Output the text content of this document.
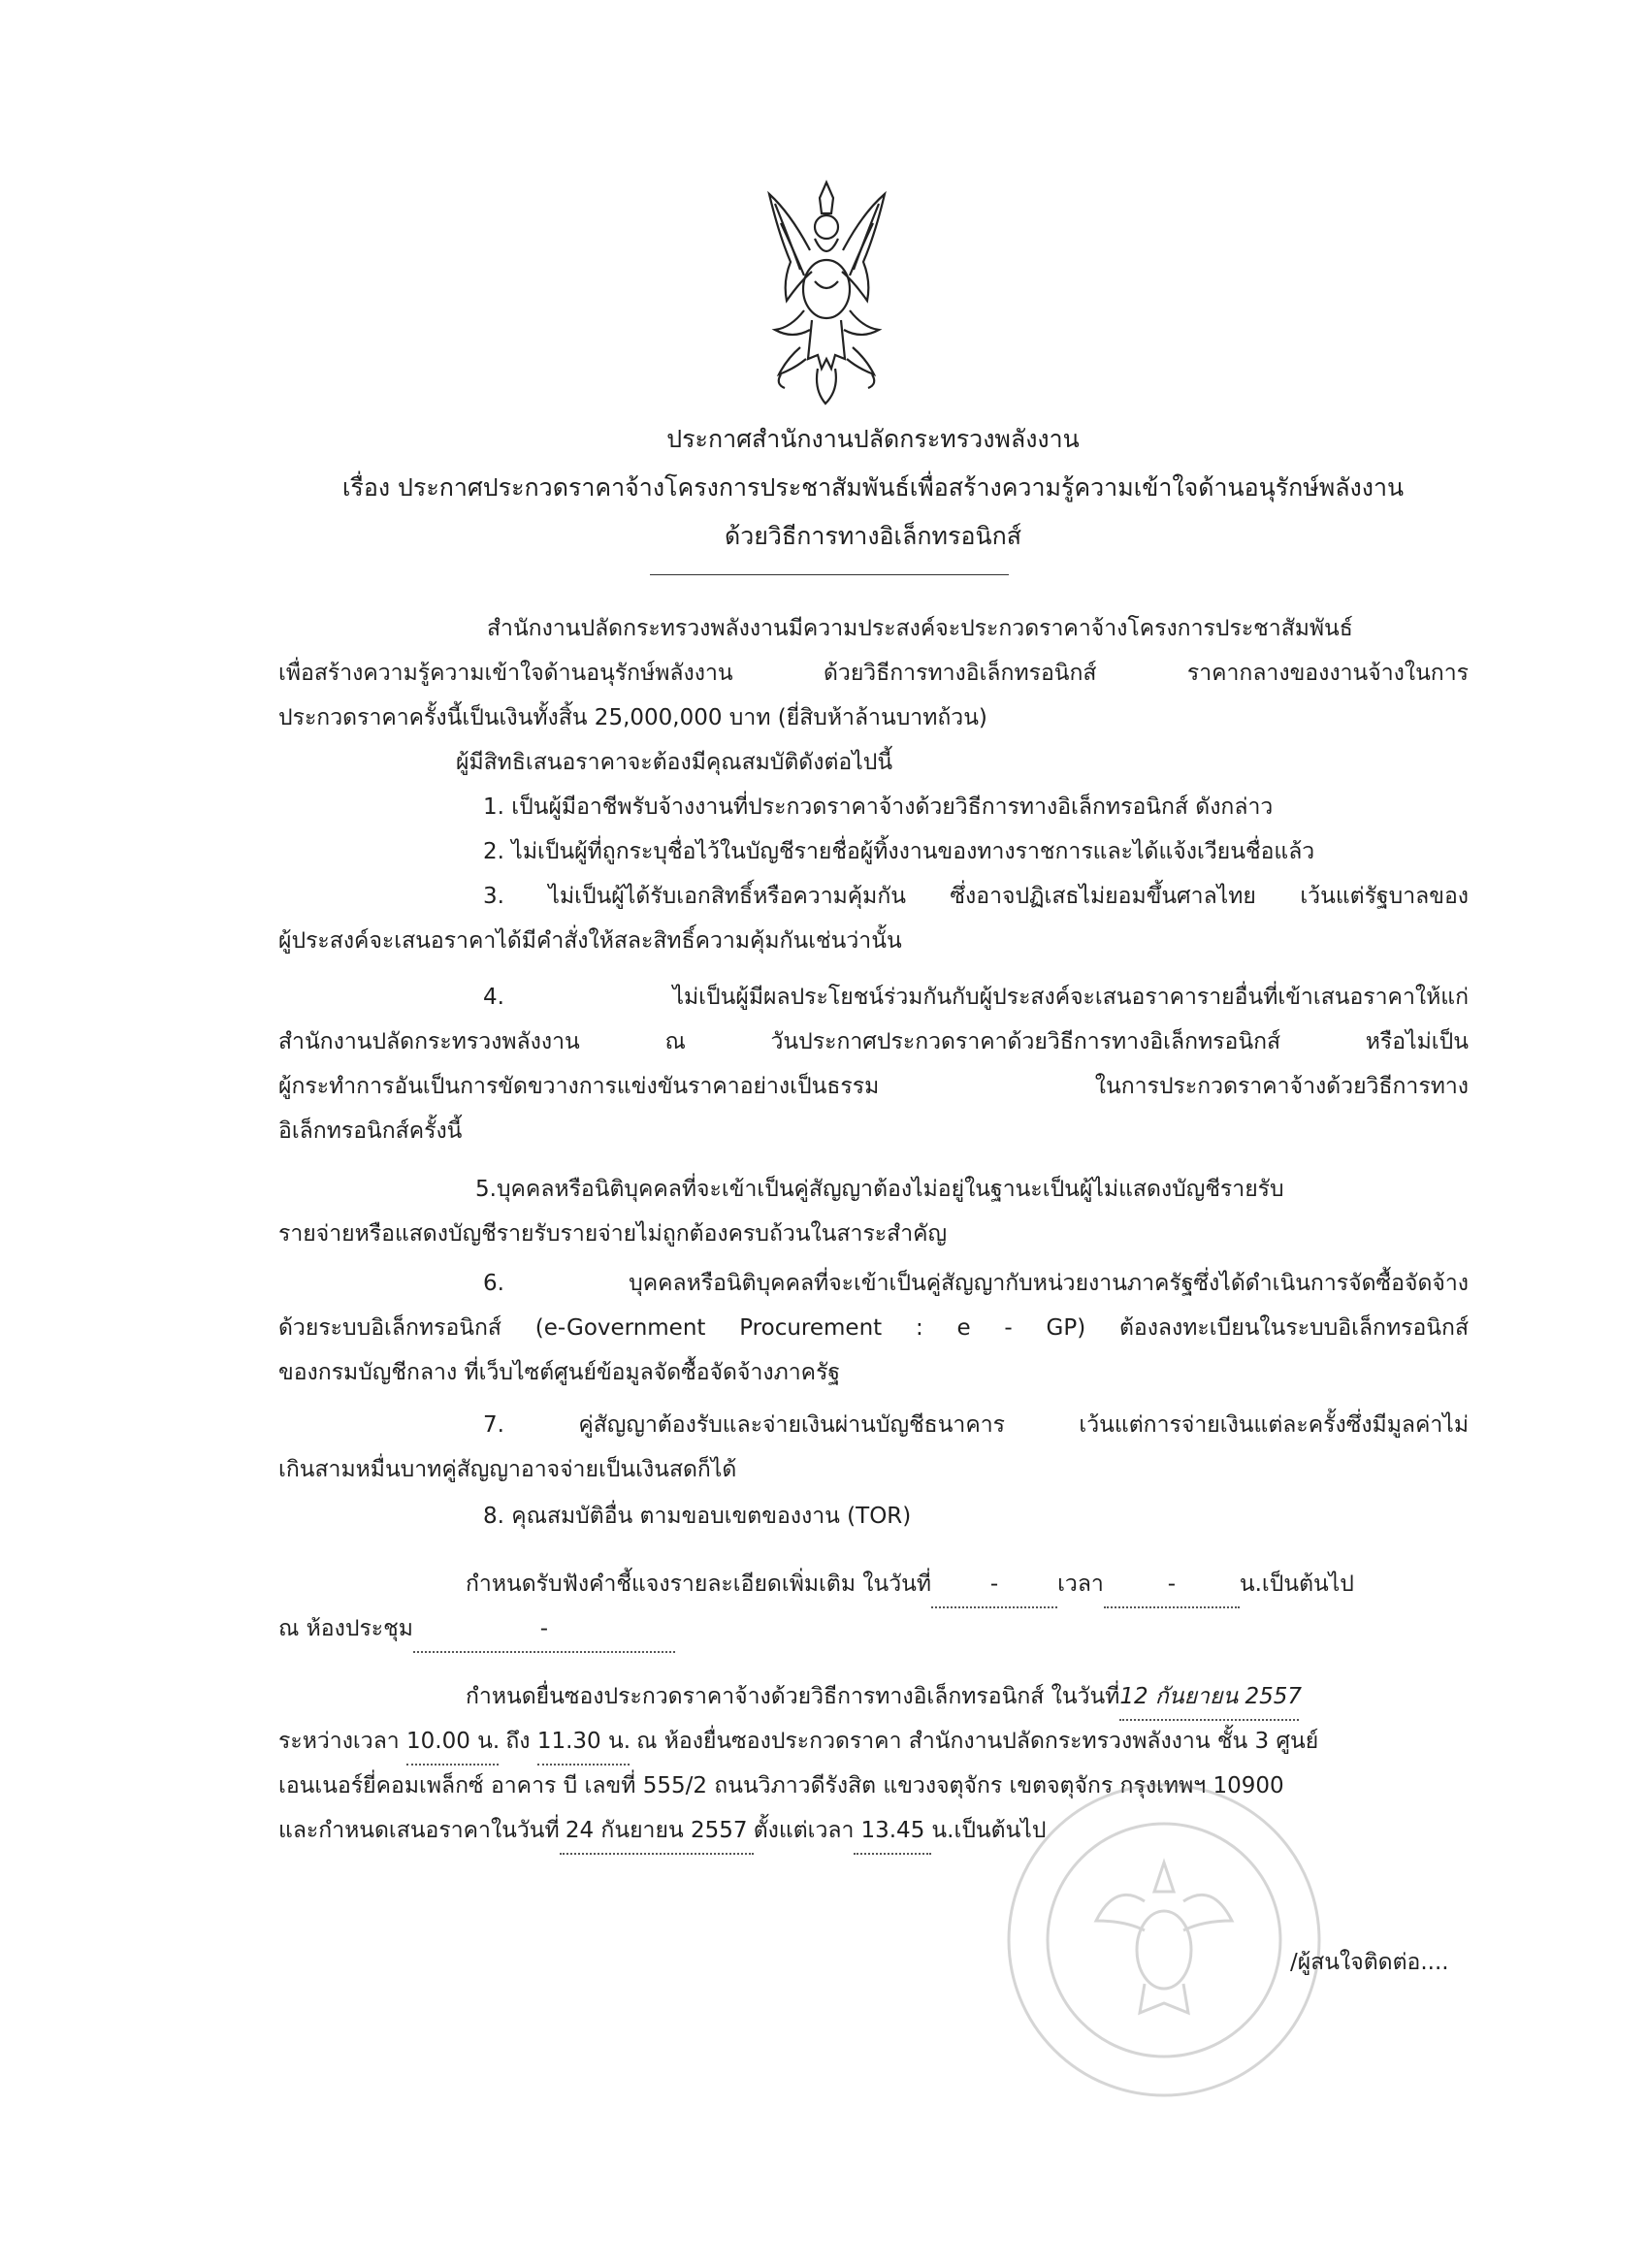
ประกาศสำนักงานปลัดกระทรวงพลังงาน
เรื่อง ประกาศประกวดราคาจ้างโครงการประชาสัมพันธ์เพื่อสร้างความรู้ความเข้าใจด้านอนุรักษ์พลังงาน
ด้วยวิธีการทางอิเล็กทรอนิกส์
สำนักงานปลัดกระทรวงพลังงานมีความประสงค์จะประกวดราคาจ้างโครงการประชาสัมพันธ์
เพื่อสร้างความรู้ความเข้าใจด้านอนุรักษ์พลังงาน ด้วยวิธีการทางอิเล็กทรอนิกส์ ราคากลางของงานจ้างในการ
ประกวดราคาครั้งนี้เป็นเงินทั้งสิ้น 25,000,000 บาท (ยี่สิบห้าล้านบาทถ้วน)
ผู้มีสิทธิเสนอราคาจะต้องมีคุณสมบัติดังต่อไปนี้
1. เป็นผู้มีอาชีพรับจ้างงานที่ประกวดราคาจ้างด้วยวิธีการทางอิเล็กทรอนิกส์ ดังกล่าว
2. ไม่เป็นผู้ที่ถูกระบุชื่อไว้ในบัญชีรายชื่อผู้ทิ้งงานของทางราชการและได้แจ้งเวียนชื่อแล้ว
3. ไม่เป็นผู้ได้รับเอกสิทธิ์หรือความคุ้มกัน ซึ่งอาจปฏิเสธไม่ยอมขึ้นศาลไทย เว้นแต่รัฐบาลของ
ผู้ประสงค์จะเสนอราคาได้มีคำสั่งให้สละสิทธิ์ความคุ้มกันเช่นว่านั้น
4. ไม่เป็นผู้มีผลประโยชน์ร่วมกันกับผู้ประสงค์จะเสนอราคารายอื่นที่เข้าเสนอราคาให้แก่
สำนักงานปลัดกระทรวงพลังงาน ณ วันประกาศประกวดราคาด้วยวิธีการทางอิเล็กทรอนิกส์ หรือไม่เป็น
ผู้กระทำการอันเป็นการขัดขวางการแข่งขันราคาอย่างเป็นธรรม ในการประกวดราคาจ้างด้วยวิธีการทาง
อิเล็กทรอนิกส์ครั้งนี้
5.บุคคลหรือนิติบุคคลที่จะเข้าเป็นคู่สัญญาต้องไม่อยู่ในฐานะเป็นผู้ไม่แสดงบัญชีรายรับ
รายจ่ายหรือแสดงบัญชีรายรับรายจ่ายไม่ถูกต้องครบถ้วนในสาระสำคัญ
6. บุคคลหรือนิติบุคคลที่จะเข้าเป็นคู่สัญญากับหน่วยงานภาครัฐซึ่งได้ดำเนินการจัดซื้อจัดจ้าง
ด้วยระบบอิเล็กทรอนิกส์ (e-Government Procurement : e - GP) ต้องลงทะเบียนในระบบอิเล็กทรอนิกส์
ของกรมบัญชีกลาง ที่เว็บไซต์ศูนย์ข้อมูลจัดซื้อจัดจ้างภาครัฐ
7. คู่สัญญาต้องรับและจ่ายเงินผ่านบัญชีธนาคาร เว้นแต่การจ่ายเงินแต่ละครั้งซึ่งมีมูลค่าไม่
เกินสามหมื่นบาทคู่สัญญาอาจจ่ายเป็นเงินสดก็ได้
8. คุณสมบัติอื่น ตามขอบเขตของงาน (TOR)
กำหนดรับฟังคำชี้แจงรายละเอียดเพิ่มเติม ในวันที่	-	เวลา	-	น.เป็นต้นไป
ณ ห้องประชุม	-
กำหนดยื่นซองประกวดราคาจ้างด้วยวิธีการทางอิเล็กทรอนิกส์ ในวันที่12 กันยายน 2557
ระหว่างเวลา 10.00 น. ถึง 11.30 น. ณ ห้องยื่นซองประกวดราคา สำนักงานปลัดกระทรวงพลังงาน ชั้น 3 ศูนย์
เอนเนอร์ยี่คอมเพล็กซ์ อาคาร บี เลขที่ 555/2 ถนนวิภาวดีรังสิต แขวงจตุจักร เขตจตุจักร กรุงเทพฯ 10900
และกำหนดเสนอราคาในวันที่ 24 กันยายน 2557 ตั้งแต่เวลา 13.45 น.เป็นต้นไป
/ผู้สนใจติดต่อ....
